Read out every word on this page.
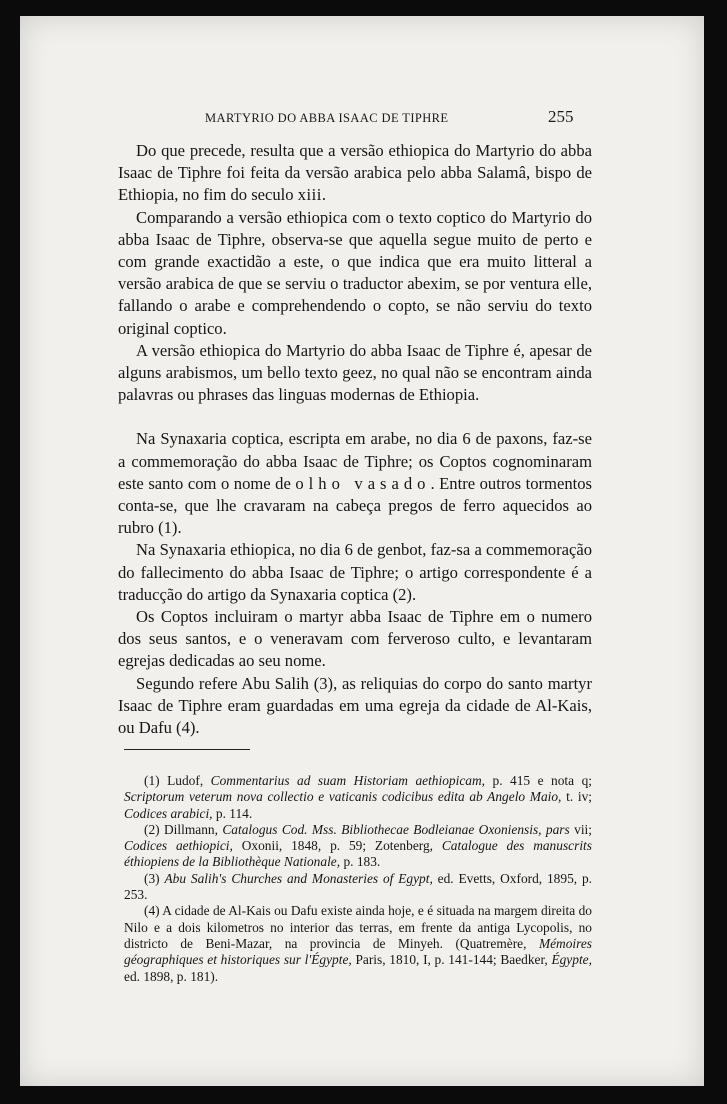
MARTYRIO DO ABBA ISAAC DE TIPHRE	255

Do que precede, resulta que a versão ethiopica do Martyrio do abba Isaac de Tiphre foi feita da versão arabica pelo abba Salamâ, bispo de Ethiopia, no fim do seculo xiii.

Comparando a versão ethiopica com o texto coptico do Martyrio do abba Isaac de Tiphre, observa-se que aquella segue muito de perto e com grande exactidão a este, o que indica que era muito litteral a versão arabica de que se serviu o traductor abexim, se por ventura elle, fallando o arabe e comprehendendo o copto, se não serviu do texto original coptico.

A versão ethiopica do Martyrio do abba Isaac de Tiphre é, apesar de alguns arabismos, um bello texto geez, no qual não se encontram ainda palavras ou phrases das linguas modernas de Ethiopia.

Na Synaxaria coptica, escripta em arabe, no dia 6 de paxons, faz-se a commemoração do abba Isaac de Tiphre; os Coptos cognominaram este santo com o nome de olho vasado. Entre outros tormentos conta-se, que lhe cravaram na cabeça pregos de ferro aquecidos ao rubro (1).

Na Synaxaria ethiopica, no dia 6 de genbot, faz-sa a commemoração do fallecimento do abba Isaac de Tiphre; o artigo correspondente é a traducção do artigo da Synaxaria coptica (2).

Os Coptos incluiram o martyr abba Isaac de Tiphre em o numero dos seus santos, e o veneravam com ferveroso culto, e levantaram egrejas dedicadas ao seu nome.

Segundo refere Abu Salih (3), as reliquias do corpo do santo martyr Isaac de Tiphre eram guardadas em uma egreja da cidade de Al-Kais, ou Dafu (4).

(1) Ludof, Commentarius ad suam Historiam aethiopicam, p. 415 e nota q; Scriptorum veterum nova collectio e vaticanis codicibus edita ab Angelo Maio, t. iv; Codices arabici, p. 114.

(2) Dillmann, Catalogus Cod. Mss. Bibliothecae Bodleianae Oxoniensis, pars vii; Codices aethiopici, Oxonii, 1848, p. 59; Zotenberg, Catalogue des manuscrits éthiopiens de la Bibliothèque Nationale, p. 183.

(3) Abu Salih's Churches and Monasteries of Egypt, ed. Evetts, Oxford, 1895, p. 253.

(4) A cidade de Al-Kais ou Dafu existe ainda hoje, e é situada na margem direita do Nilo e a dois kilometros no interior das terras, em frente da antiga Lycopolis, no districto de Beni-Mazar, na provincia de Minyeh. (Quatremère, Mémoires géographiques et historiques sur l'Égypte, Paris, 1810, I, p. 141-144; Baedker, Égypte, ed. 1898, p. 181).
